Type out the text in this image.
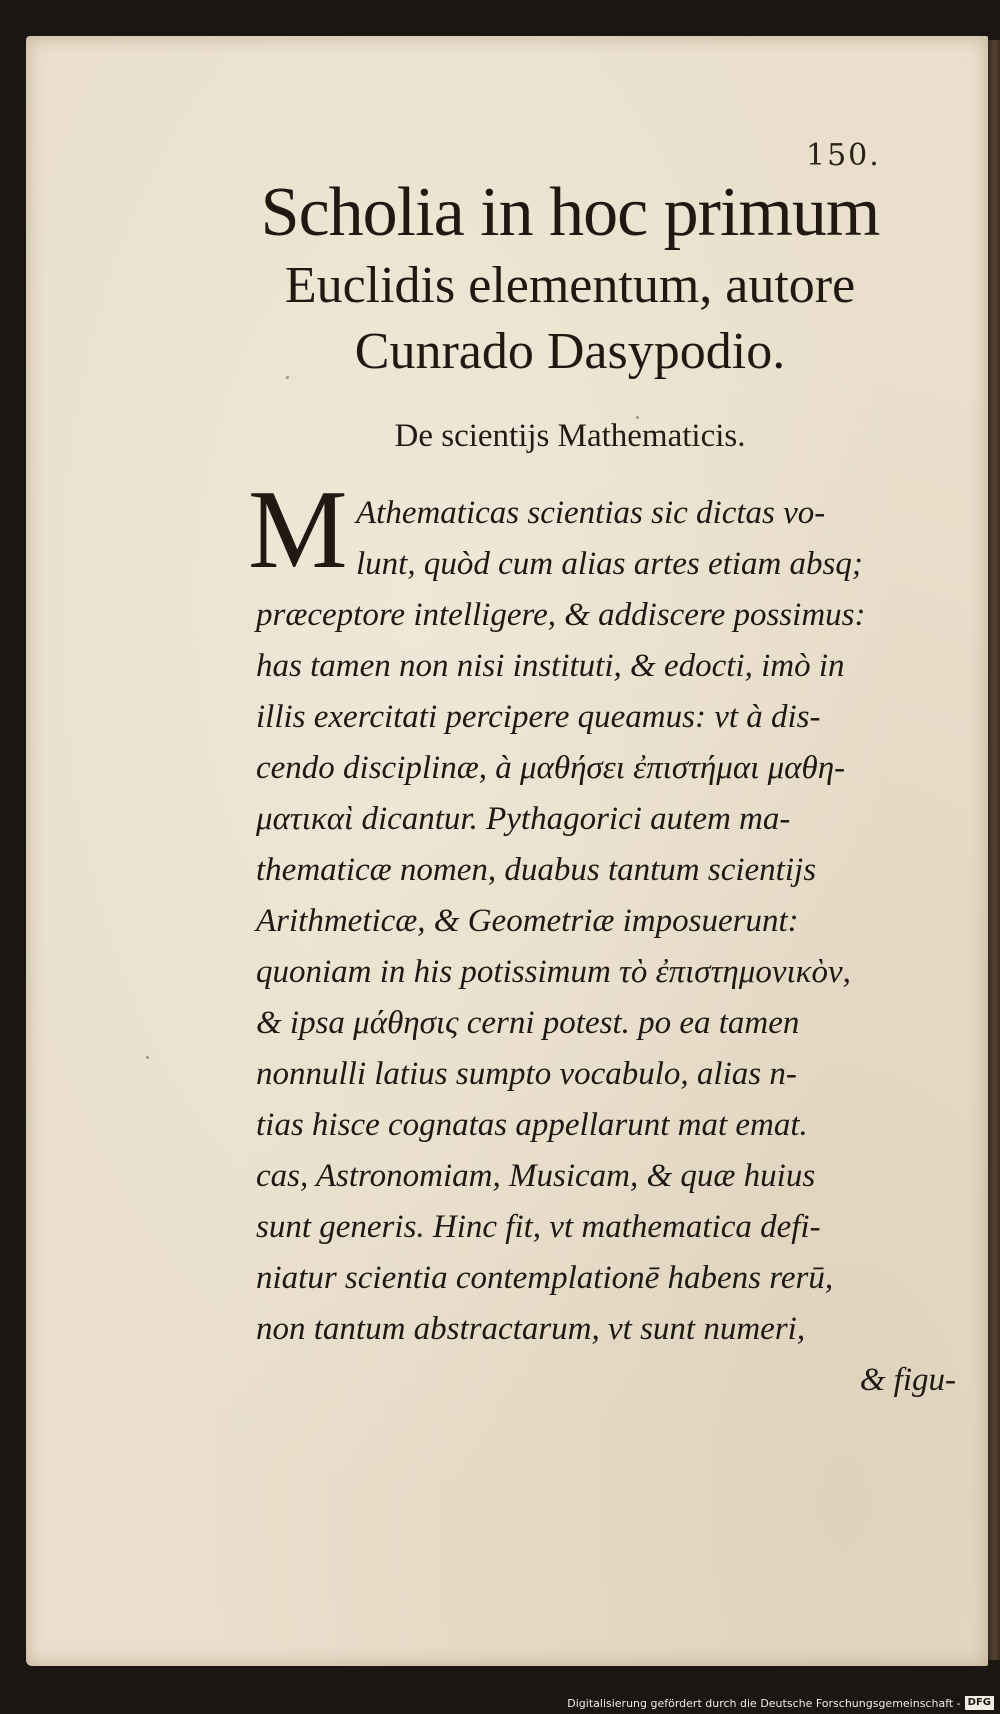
150.
Scholia in hoc primum
Euclidis elementum, autore
Cunrado Dasypodio.
De scientijs Mathematicis.
M Athematicas scientias sic dictas vo-
lunt, quòd cum alias artes etiam absq;
præceptore intelligere, & addiscere possimus:
has tamen non nisi instituti, & edocti, imò in
illis exercitati percipere queamus: vt à dis-
cendo disciplinæ, à μαθήσει ἐπιστήμαι μαθη-
ματικαὶ dicantur. Pythagorici autem ma-
thematicæ nomen, duabus tantum scientijs
Arithmeticæ, & Geometriæ imposuerunt:
quoniam in his potissimum τὸ ἐπιστημονικὸν,
& ipsa μάθησις cerni potest. po ea tamen
nonnulli latius sumpto vocabulo, alias n-
tias hisce cognatas appellarunt mat emat.
cas, Astronomiam, Musicam, & quæ huius
sunt generis. Hinc fit, vt mathematica defi-
niatur scientia contemplationē habens rerū,
non tantum abstractarum, vt sunt numeri,
& figu-
Digitalisierung gefördert durch die Deutsche Forschungsgemeinschaft - DFG
